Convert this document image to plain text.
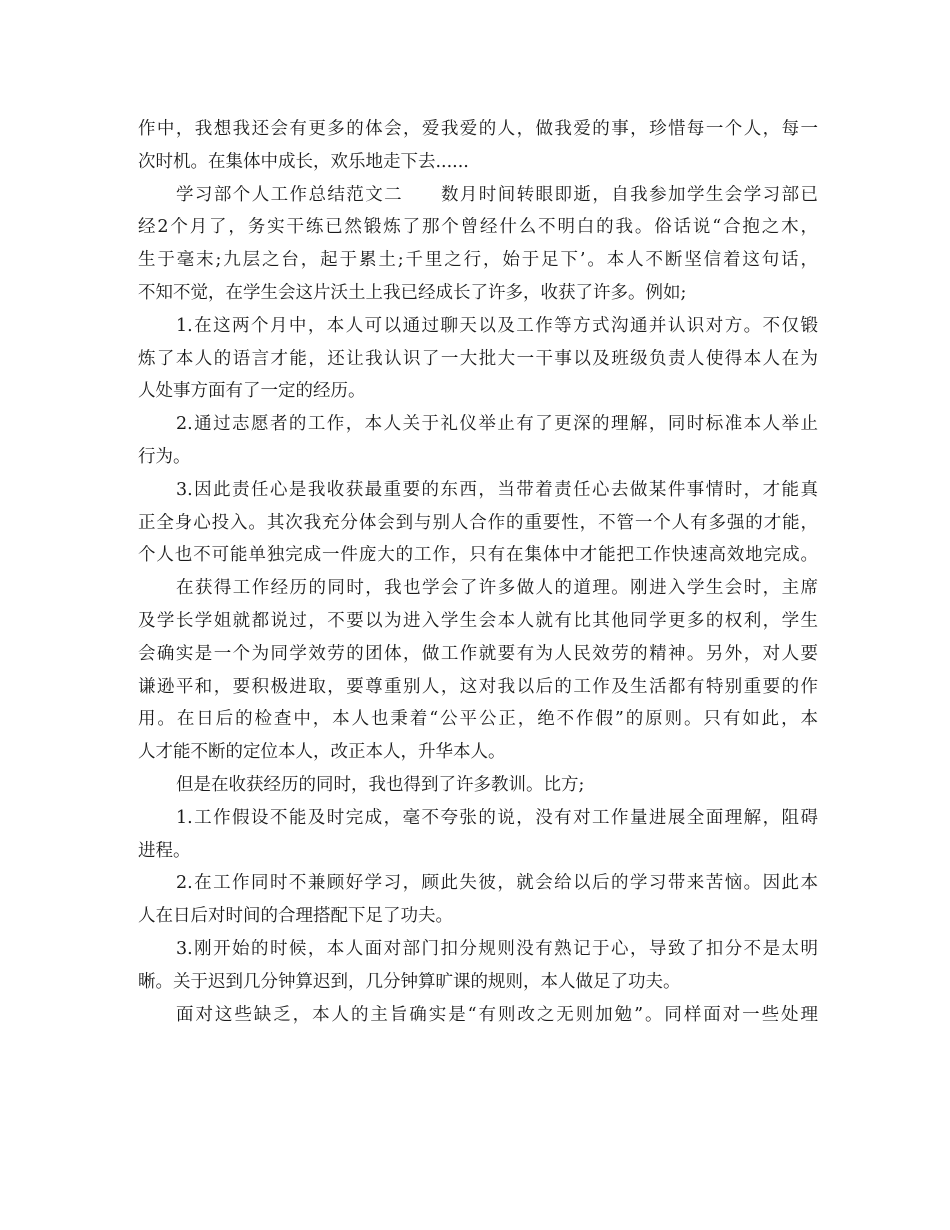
作中，我想我还会有更多的体会，爱我爱的人，做我爱的事，珍惜每一个人，每一
次时机。在集体中成长，欢乐地走下去......
学习部个人工作总结范文二　　数月时间转眼即逝，自我参加学生会学习部已
经2个月了，务实干练已然锻炼了那个曾经什么不明白的我。俗话说“合抱之木，
生于毫末;九层之台，起于累土;千里之行，始于足下’。本人不断坚信着这句话，
不知不觉，在学生会这片沃土上我已经成长了许多，收获了许多。例如;
1.在这两个月中，本人可以通过聊天以及工作等方式沟通并认识对方。不仅锻
炼了本人的语言才能，还让我认识了一大批大一干事以及班级负责人使得本人在为
人处事方面有了一定的经历。
2.通过志愿者的工作，本人关于礼仪举止有了更深的理解，同时标准本人举止
行为。
3.因此责任心是我收获最重要的东西，当带着责任心去做某件事情时，才能真
正全身心投入。其次我充分体会到与别人合作的重要性，不管一个人有多强的才能，
个人也不可能单独完成一件庞大的工作，只有在集体中才能把工作快速高效地完成。
在获得工作经历的同时，我也学会了许多做人的道理。刚进入学生会时，主席
及学长学姐就都说过，不要以为进入学生会本人就有比其他同学更多的权利，学生
会确实是一个为同学效劳的团体，做工作就要有为人民效劳的精神。另外，对人要
谦逊平和，要积极进取，要尊重别人，这对我以后的工作及生活都有特别重要的作
用。在日后的检查中，本人也秉着“公平公正，绝不作假”的原则。只有如此，本
人才能不断的定位本人，改正本人，升华本人。
但是在收获经历的同时，我也得到了许多教训。比方;
1.工作假设不能及时完成，毫不夸张的说，没有对工作量进展全面理解，阻碍
进程。
2.在工作同时不兼顾好学习，顾此失彼，就会给以后的学习带来苦恼。因此本
人在日后对时间的合理搭配下足了功夫。
3.刚开始的时候，本人面对部门扣分规则没有熟记于心，导致了扣分不是太明
晰。关于迟到几分钟算迟到，几分钟算旷课的规则，本人做足了功夫。
面对这些缺乏，本人的主旨确实是“有则改之无则加勉”。同样面对一些处理
